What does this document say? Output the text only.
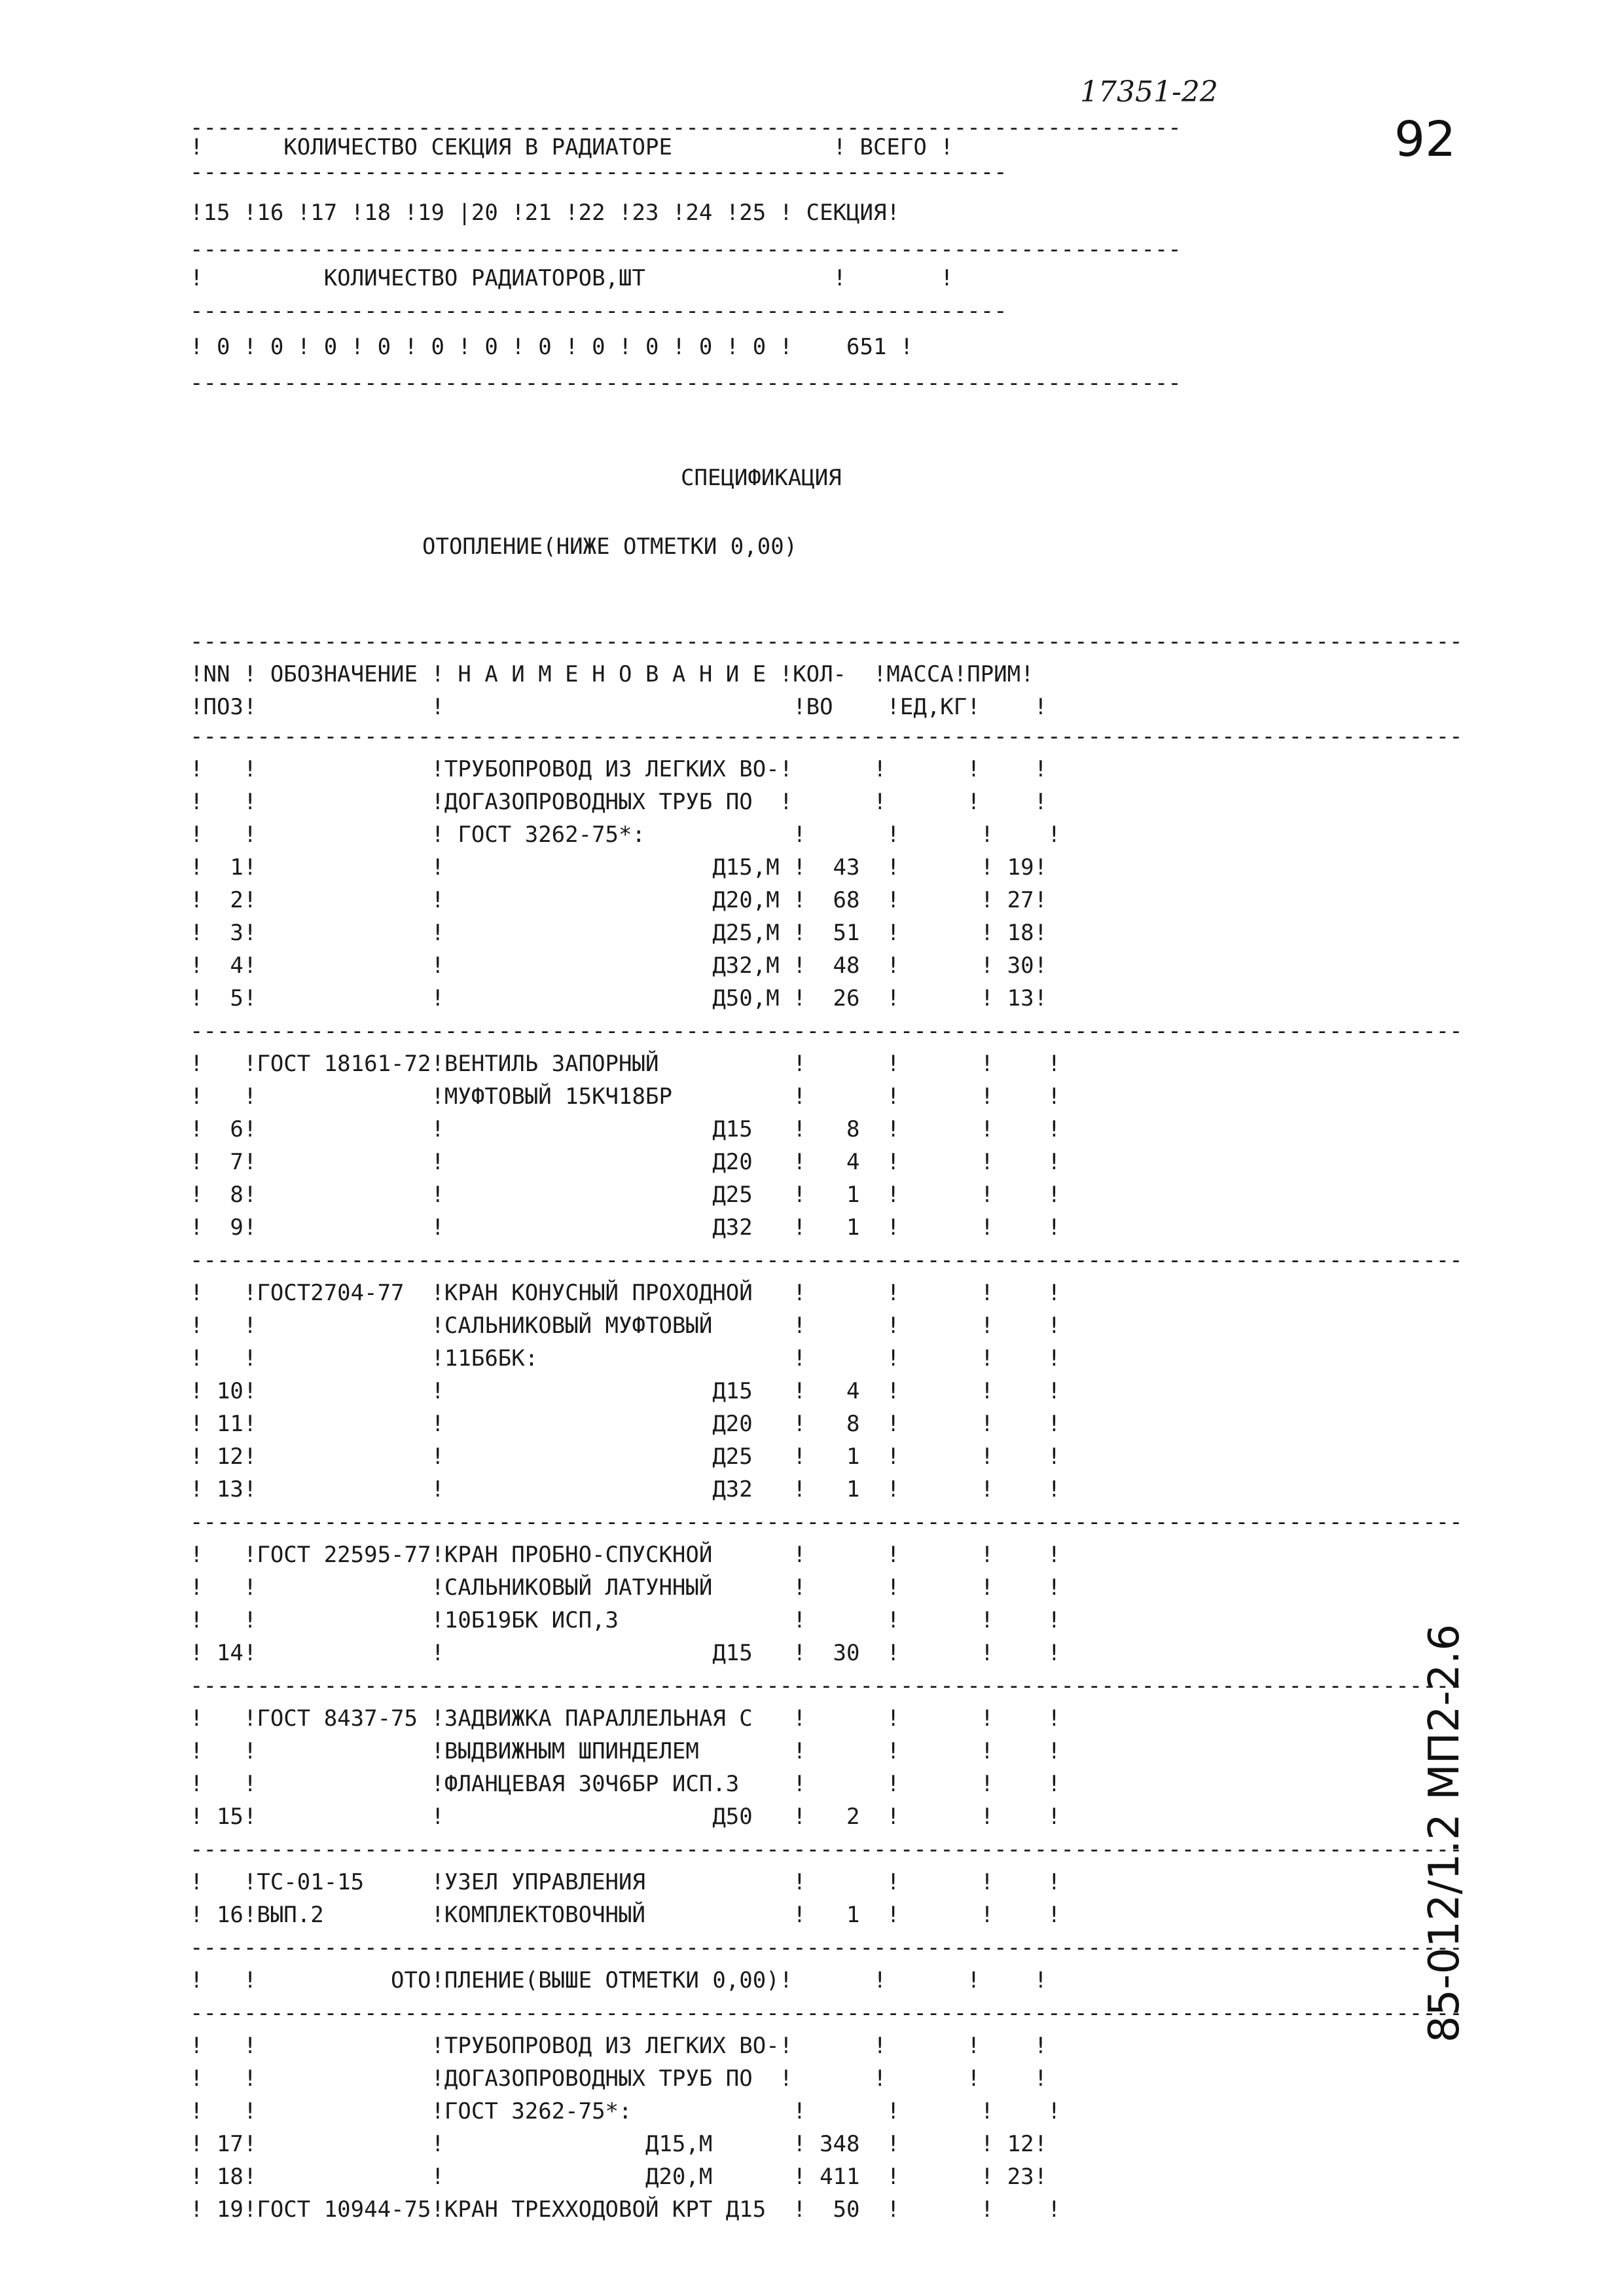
17351-22
92
85-012/1.2 МП2-2.6
--------------------------------------------------------------------------
!      КОЛИЧЕСТВО СЕКЦИЯ В РАДИАТОРЕ            ! ВСЕГО !
-------------------------------------------------------------
!15 !16 !17 !18 !19 |20 !21 !22 !23 !24 !25 ! СЕКЦИЯ!
--------------------------------------------------------------------------
!         КОЛИЧЕСТВО РАДИАТОРОВ,ШТ              !       !
-------------------------------------------------------------
! 0 ! 0 ! 0 ! 0 ! 0 ! 0 ! 0 ! 0 ! 0 ! 0 ! 0 !    651 !
--------------------------------------------------------------------------
СПЕЦИФИКАЦИЯ
ОТОПЛЕНИЕ(НИЖЕ ОТМЕТКИ 0,00)
-----------------------------------------------------------------------------------------------
!NN ! ОБОЗНАЧЕНИЕ ! Н А И М Е Н О В А Н И Е !КОЛ-  !МАССА!ПРИМ!
!ПОЗ!             !                          !ВО    !ЕД,КГ!    !
-----------------------------------------------------------------------------------------------
!   !             !ТРУБОПРОВОД ИЗ ЛЕГКИХ ВО-!      !      !    !
!   !             !ДОГАЗОПРОВОДНЫХ ТРУБ ПО  !      !      !    !
!   !             ! ГОСТ 3262-75*:           !      !      !    !
!  1!             !                    Д15,М !  43  !      ! 19!
!  2!             !                    Д20,М !  68  !      ! 27!
!  3!             !                    Д25,М !  51  !      ! 18!
!  4!             !                    Д32,М !  48  !      ! 30!
!  5!             !                    Д50,М !  26  !      ! 13!
-----------------------------------------------------------------------------------------------
!   !ГОСТ 18161-72!ВЕНТИЛЬ ЗАПОРНЫЙ          !      !      !    !
!   !             !МУФТОВЫЙ 15КЧ18БР         !      !      !    !
!  6!             !                    Д15   !   8  !      !    !
!  7!             !                    Д20   !   4  !      !    !
!  8!             !                    Д25   !   1  !      !    !
!  9!             !                    Д32   !   1  !      !    !
-----------------------------------------------------------------------------------------------
!   !ГОСТ2704-77  !КРАН КОНУСНЫЙ ПРОХОДНОЙ   !      !      !    !
!   !             !САЛЬНИКОВЫЙ МУФТОВЫЙ      !      !      !    !
!   !             !11Б6БК:                   !      !      !    !
! 10!             !                    Д15   !   4  !      !    !
! 11!             !                    Д20   !   8  !      !    !
! 12!             !                    Д25   !   1  !      !    !
! 13!             !                    Д32   !   1  !      !    !
-----------------------------------------------------------------------------------------------
!   !ГОСТ 22595-77!КРАН ПРОБНО-СПУСКНОЙ      !      !      !    !
!   !             !САЛЬНИКОВЫЙ ЛАТУННЫЙ      !      !      !    !
!   !             !10Б19БК ИСП,3             !      !      !    !
! 14!             !                    Д15   !  30  !      !    !
-----------------------------------------------------------------------------------------------
!   !ГОСТ 8437-75 !ЗАДВИЖКА ПАРАЛЛЕЛЬНАЯ С   !      !      !    !
!   !             !ВЫДВИЖНЫМ ШПИНДЕЛЕМ       !      !      !    !
!   !             !ФЛАНЦЕВАЯ 30Ч6БР ИСП.3    !      !      !    !
! 15!             !                    Д50   !   2  !      !    !
-----------------------------------------------------------------------------------------------
!   !ТС-01-15     !УЗЕЛ УПРАВЛЕНИЯ           !      !      !    !
! 16!ВЫП.2        !КОМПЛЕКТОВОЧНЫЙ           !   1  !      !    !
-----------------------------------------------------------------------------------------------
!   !          ОТО!ПЛЕНИЕ(ВЫШЕ ОТМЕТКИ 0,00)!      !      !    !
-----------------------------------------------------------------------------------------------
!   !             !ТРУБОПРОВОД ИЗ ЛЕГКИХ ВО-!      !      !    !
!   !             !ДОГАЗОПРОВОДНЫХ ТРУБ ПО  !      !      !    !
!   !             !ГОСТ 3262-75*:            !      !      !    !
! 17!             !               Д15,М      ! 348  !      ! 12!
! 18!             !               Д20,М      ! 411  !      ! 23!
! 19!ГОСТ 10944-75!КРАН ТРЕХХОДОВОЙ КРТ Д15  !  50  !      !    !
